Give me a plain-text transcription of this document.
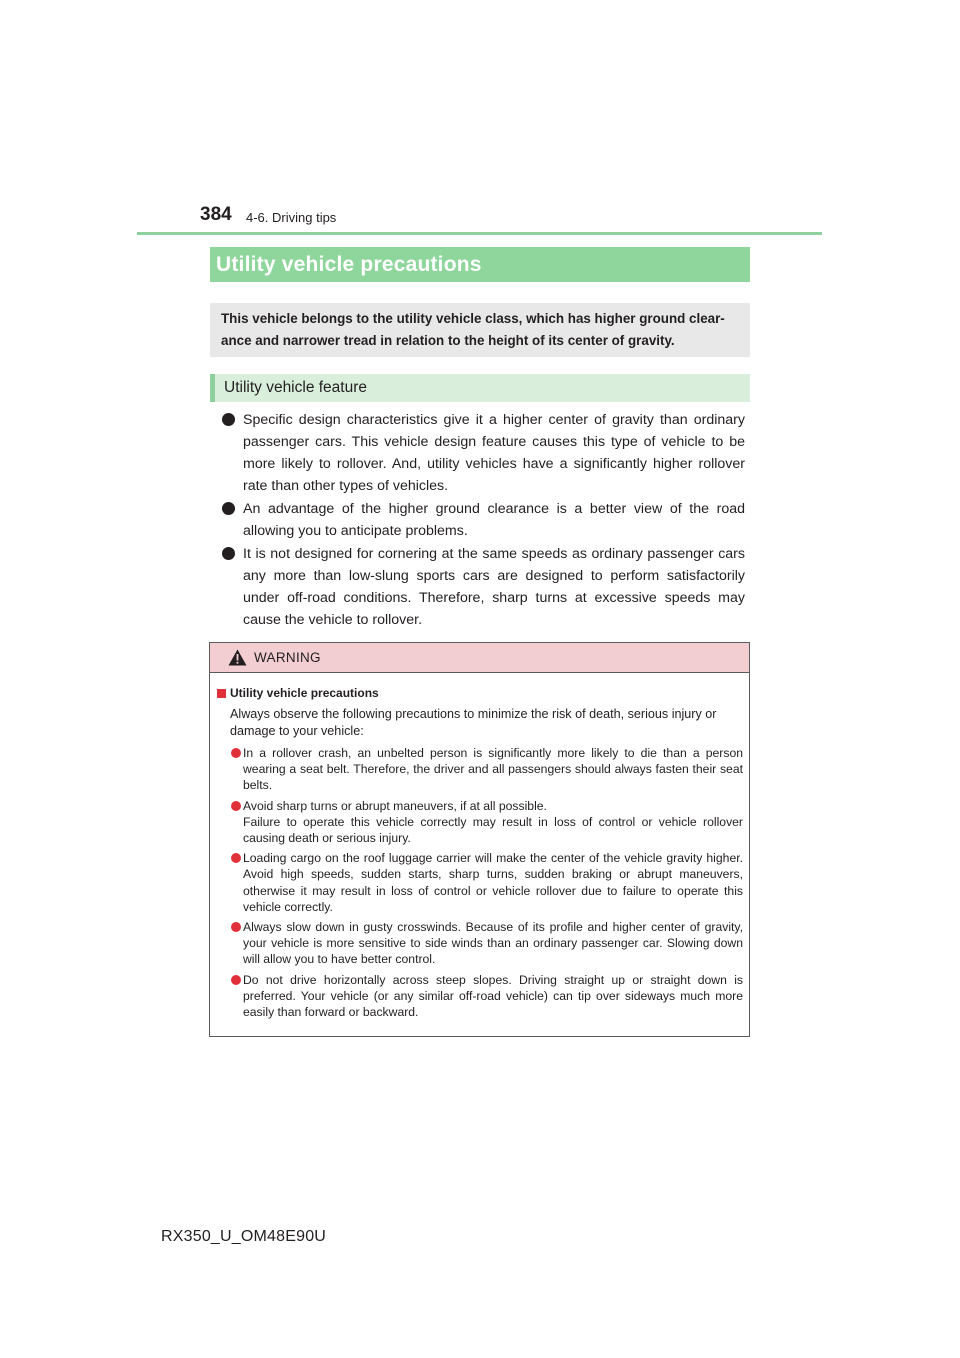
384 4-6. Driving tips
Utility vehicle precautions
This vehicle belongs to the utility vehicle class, which has higher ground clear-ance and narrower tread in relation to the height of its center of gravity.
Utility vehicle feature
Specific design characteristics give it a higher center of gravity than ordinary passenger cars. This vehicle design feature causes this type of vehicle to be more likely to rollover. And, utility vehicles have a significantly higher rollover rate than other types of vehicles.
An advantage of the higher ground clearance is a better view of the road allowing you to anticipate problems.
It is not designed for cornering at the same speeds as ordinary passenger cars any more than low-slung sports cars are designed to perform satisfactorily under off-road conditions. Therefore, sharp turns at excessive speeds may cause the vehicle to rollover.
WARNING
Utility vehicle precautions
Always observe the following precautions to minimize the risk of death, serious injury or damage to your vehicle:
In a rollover crash, an unbelted person is significantly more likely to die than a person wearing a seat belt. Therefore, the driver and all passengers should always fasten their seat belts.
Avoid sharp turns or abrupt maneuvers, if at all possible.
Failure to operate this vehicle correctly may result in loss of control or vehicle rollover causing death or serious injury.
Loading cargo on the roof luggage carrier will make the center of the vehicle gravity higher. Avoid high speeds, sudden starts, sharp turns, sudden braking or abrupt maneuvers, otherwise it may result in loss of control or vehicle rollover due to failure to operate this vehicle correctly.
Always slow down in gusty crosswinds. Because of its profile and higher center of gravity, your vehicle is more sensitive to side winds than an ordinary passenger car. Slowing down will allow you to have better control.
Do not drive horizontally across steep slopes. Driving straight up or straight down is preferred. Your vehicle (or any similar off-road vehicle) can tip over sideways much more easily than forward or backward.
RX350_U_OM48E90U
